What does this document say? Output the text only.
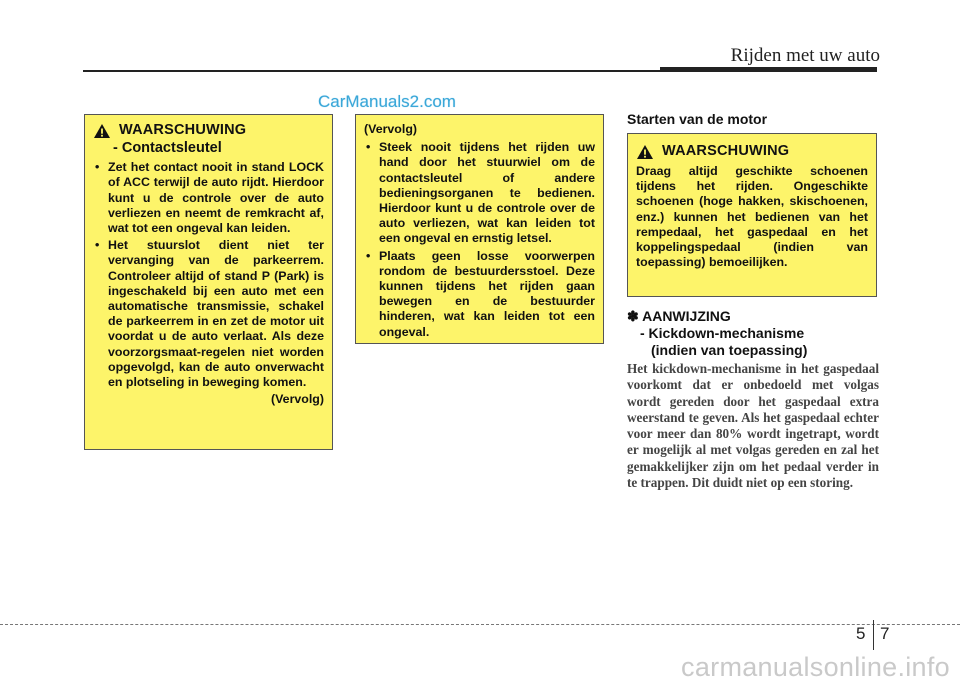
Rijden met uw auto
CarManuals2.com
WAARSCHUWING
- Contactsleutel
• Zet het contact nooit in stand LOCK of ACC terwijl de auto rijdt. Hierdoor kunt u de controle over de auto verliezen en neemt de remkracht af, wat tot een ongeval kan leiden.
• Het stuurslot dient niet ter vervanging van de parkeerrem. Controleer altijd of stand P (Park) is ingeschakeld bij een auto met een automatische transmissie, schakel de parkeerrem in en zet de motor uit voordat u de auto verlaat. Als deze voorzorgsmaat-regelen niet worden opgevolgd, kan de auto onverwacht en plotseling in beweging komen.
(Vervolg)
(Vervolg)
• Steek nooit tijdens het rijden uw hand door het stuurwiel om de contactsleutel of andere bedieningsorganen te bedienen. Hierdoor kunt u de controle over de auto verliezen, wat kan leiden tot een ongeval en ernstig letsel.
• Plaats geen losse voorwerpen rondom de bestuurdersstoel. Deze kunnen tijdens het rijden gaan bewegen en de bestuurder hinderen, wat kan leiden tot een ongeval.
Starten van de motor
WAARSCHUWING

Draag altijd geschikte schoenen tijdens het rijden. Ongeschikte schoenen (hoge hakken, skischoenen, enz.) kunnen het bedienen van het rempedaal, het gaspedaal en het koppelingspedaal (indien van toepassing) bemoeilijken.

✽ AANWIJZING
- Kickdown-mechanisme
(indien van toepassing)
Het kickdown-mechanisme in het gaspedaal voorkomt dat er onbedoeld met volgas wordt gereden door het gaspedaal extra weerstand te geven. Als het gaspedaal echter voor meer dan 80% wordt ingetrapt, wordt er mogelijk al met volgas gereden en zal het gemakkelijker zijn om het pedaal verder in te trappen. Dit duidt niet op een storing.
5 7
carmanualsonline.info
